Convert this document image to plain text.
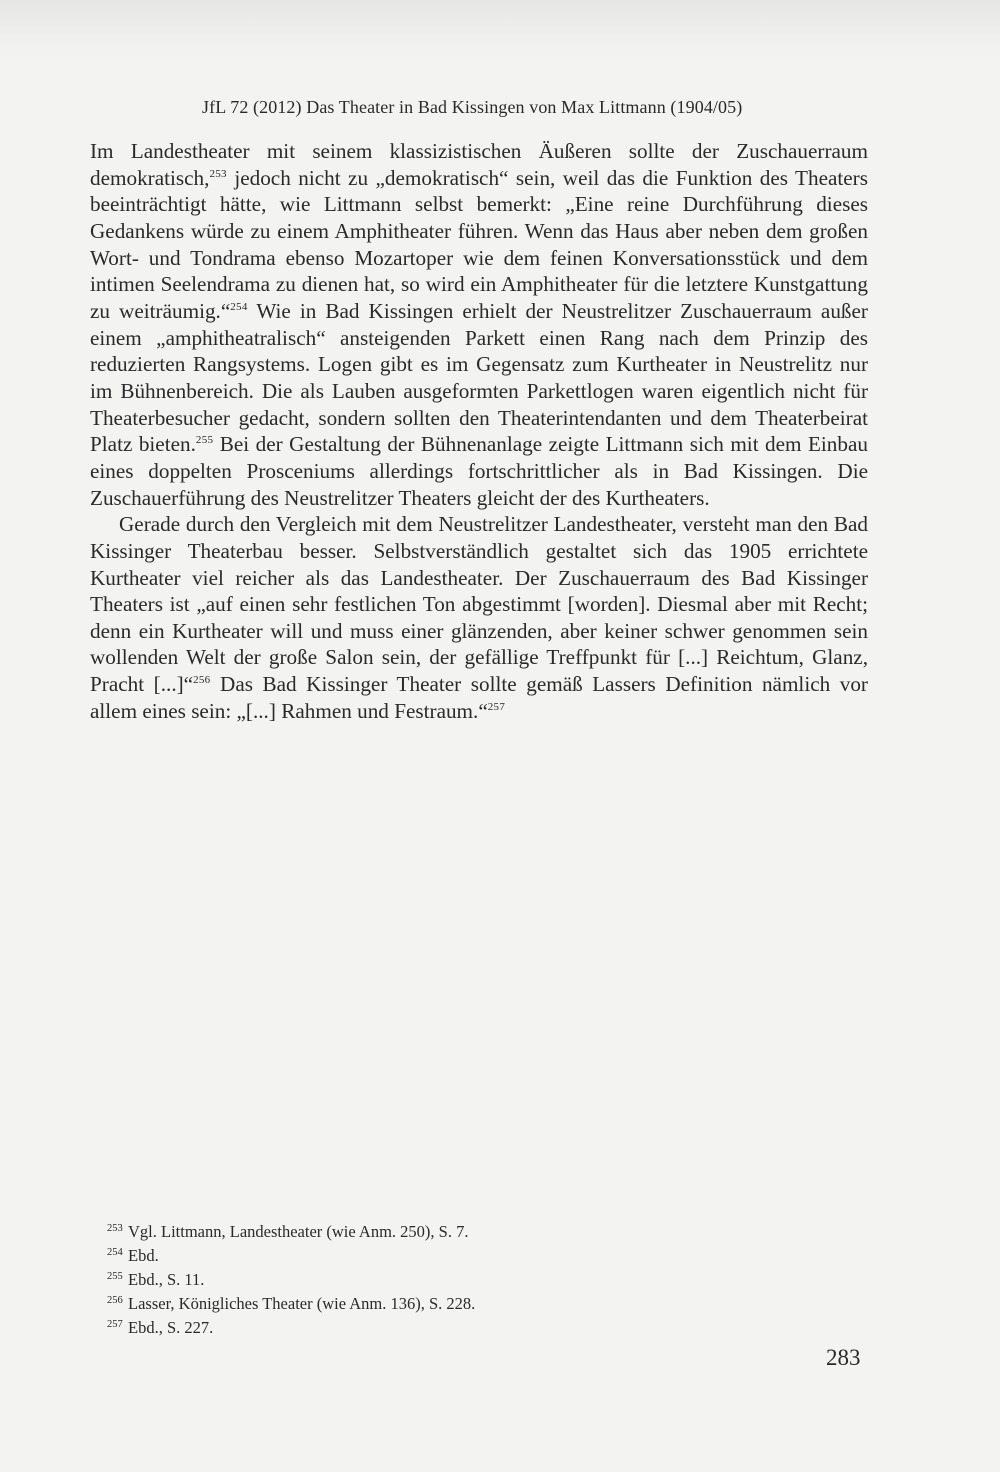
JfL 72 (2012) Das Theater in Bad Kissingen von Max Littmann (1904/05)

Im Landestheater mit seinem klassizistischen Äußeren sollte der Zuschauerraum demokratisch,$^{253}$ jedoch nicht zu „demokratisch“ sein, weil das die Funktion des Theaters beeinträchtigt hätte, wie Littmann selbst bemerkt: „Eine reine Durchführung dieses Gedankens würde zu einem Amphitheater führen. Wenn das Haus aber neben dem großen Wort- und Tondrama ebenso Mozartoper wie dem feinen Konversationsstück und dem intimen Seelendrama zu dienen hat, so wird ein Amphitheater für die letztere Kunstgattung zu weiträumig.“$^{254}$ Wie in Bad Kissingen erhielt der Neustrelitzer Zuschauerraum außer einem „amphitheatralisch“ ansteigenden Parkett einen Rang nach dem Prinzip des reduzierten Rangsystems. Logen gibt es im Gegensatz zum Kurtheater in Neustrelitz nur im Bühnenbereich. Die als Lauben ausgeformten Parkettlogen waren eigentlich nicht für Theaterbesucher gedacht, sondern sollten den Theaterintendanten und dem Theaterbeirat Platz bieten.$^{255}$ Bei der Gestaltung der Bühnenanlage zeigte Littmann sich mit dem Einbau eines doppelten Prosceniums allerdings fortschrittlicher als in Bad Kissingen. Die Zuschauerführung des Neustrelitzer Theaters gleicht der des Kurtheaters.

Gerade durch den Vergleich mit dem Neustrelitzer Landestheater, versteht man den Bad Kissinger Theaterbau besser. Selbstverständlich gestaltet sich das 1905 errichtete Kurtheater viel reicher als das Landestheater. Der Zuschauerraum des Bad Kissinger Theaters ist „auf einen sehr festlichen Ton abgestimmt [worden]. Diesmal aber mit Recht; denn ein Kurtheater will und muss einer glänzenden, aber keiner schwer genommen sein wollenden Welt der große Salon sein, der gefällige Treffpunkt für [...] Reichtum, Glanz, Pracht [...]“$^{256}$ Das Bad Kissinger Theater sollte gemäß Lassers Definition nämlich vor allem eines sein: „[...] Rahmen und Festraum.“$^{257}$

253 Vgl. Littmann, Landestheater (wie Anm. 250), S. 7.
254 Ebd.
255 Ebd., S. 11.
256 Lasser, Königliches Theater (wie Anm. 136), S. 228.
257 Ebd., S. 227.
283
